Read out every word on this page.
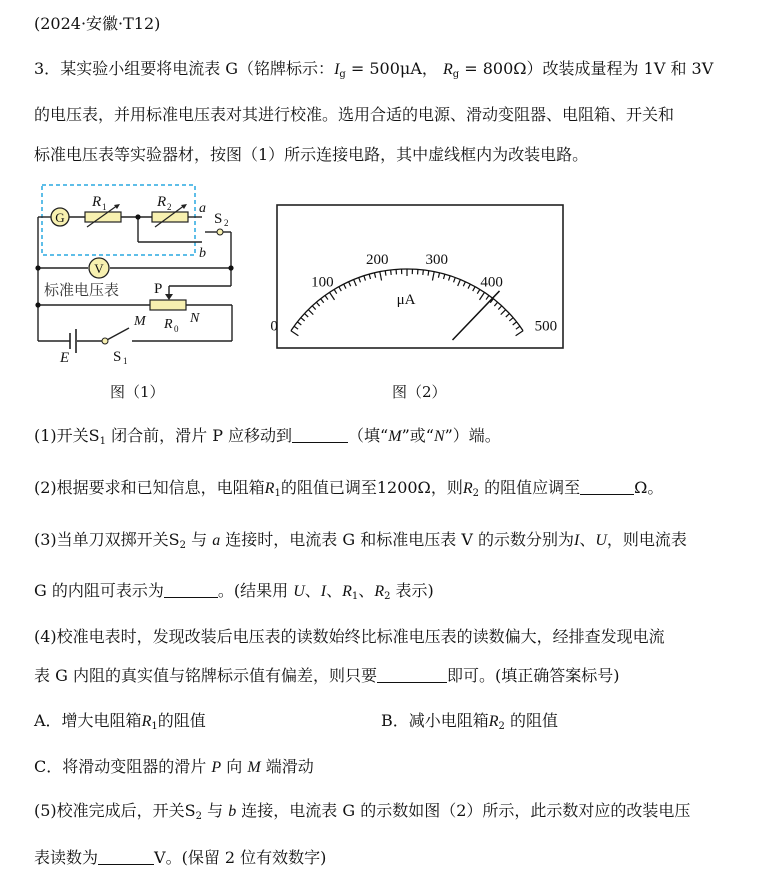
(2024·安徽·T12)
3．某实验小组要将电流表 G（铭牌标示：$I_g = 500\mu A$， $R_g = 800\Omega$）改装成量程为 1V 和 3V
的电压表，并用标准电压表对其进行校准。选用合适的电源、滑动变阻器、电阻箱、开关和
标准电压表等实验器材，按图（1）所示连接电路，其中虚线框内为改装电路。
G
R 1	R 2 a
b
S 2
V
标准电压表 P
M	N
R 0
S 1
E
图（1）
0
100
200 300
400
500
μA
图（2）
(1)开关$S_1$ 闭合前，滑片 P 应移动到	（填“M”或“N”）端。
(2)根据要求和已知信息，电阻箱$R_1$的阻值已调至1200Ω，则$R_2$ 的阻值应调至	Ω。
(3)当单刀双掷开关$S_2$ 与 a 连接时，电流表 G 和标准电压表 V 的示数分别为I、U，则电流表
G 的内阻可表示为	。(结果用 U、I、$R_1$、$R_2$ 表示)
(4)校准电表时，发现改装后电压表的读数始终比标准电压表的读数偏大，经排查发现电流
表 G 内阻的真实值与铭牌标示值有偏差，则只要	即可。(填正确答案标号)
A．增大电阻箱$R_1$的阻值	B．减小电阻箱$R_2$ 的阻值
C．将滑动变阻器的滑片 P 向 M 端滑动
(5)校准完成后，开关$S_2$ 与 b 连接，电流表 G 的示数如图（2）所示，此示数对应的改装电压
表读数为	V。(保留 2 位有效数字)
